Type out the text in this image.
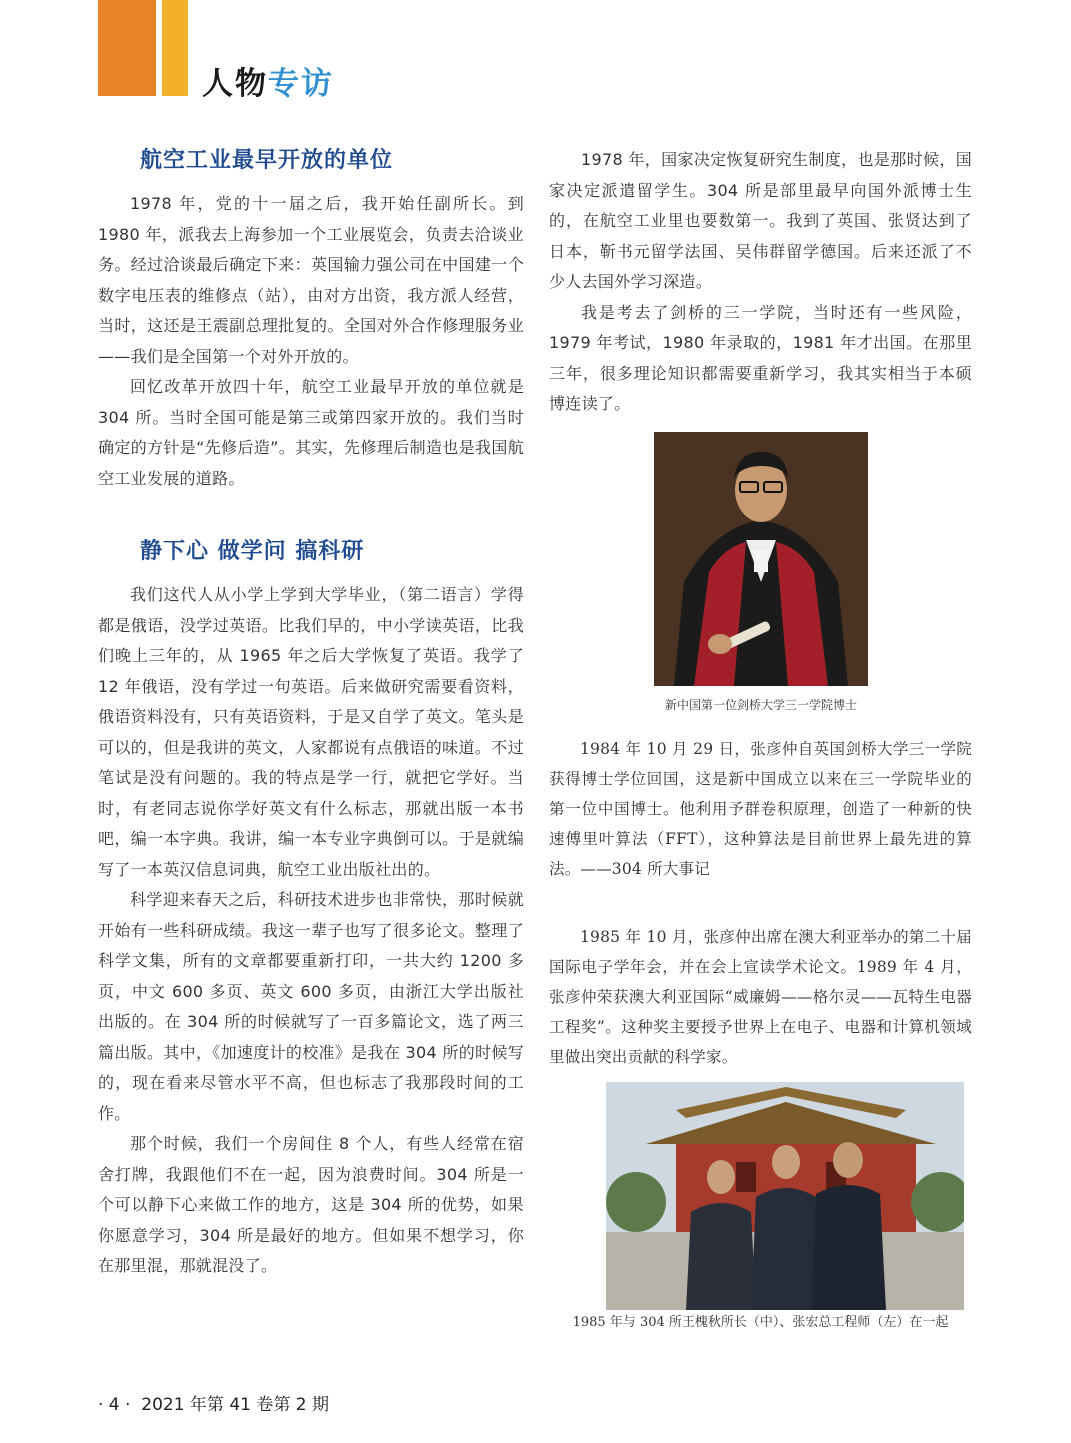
人物专访
航空工业最早开放的单位

1978 年，党的十一届之后，我开始任副所长。到 1980 年，派我去上海参加一个工业展览会，负责去洽谈业务。经过洽谈最后确定下来：英国输力强公司在中国建一个数字电压表的维修点（站），由对方出资，我方派人经营，当时，这还是王震副总理批复的。全国对外合作修理服务业——我们是全国第一个对外开放的。

回忆改革开放四十年，航空工业最早开放的单位就是 304 所。当时全国可能是第三或第四家开放的。我们当时确定的方针是“先修后造”。其实，先修理后制造也是我国航空工业发展的道路。

静下心 做学问 搞科研

我们这代人从小学上学到大学毕业，（第二语言）学得都是俄语，没学过英语。比我们早的，中小学读英语，比我们晚上三年的，从 1965 年之后大学恢复了英语。我学了 12 年俄语，没有学过一句英语。后来做研究需要看资料，俄语资料没有，只有英语资料，于是又自学了英文。笔头是可以的，但是我讲的英文，人家都说有点俄语的味道。不过笔试是没有问题的。我的特点是学一行，就把它学好。当时，有老同志说你学好英文有什么标志，那就出版一本书吧，编一本字典。我讲，编一本专业字典倒可以。于是就编写了一本英汉信息词典，航空工业出版社出的。

科学迎来春天之后，科研技术进步也非常快，那时候就开始有一些科研成绩。我这一辈子也写了很多论文。整理了科学文集，所有的文章都要重新打印，一共大约 1200 多页，中文 600 多页、英文 600 多页，由浙江大学出版社出版的。在 304 所的时候就写了一百多篇论文，选了两三篇出版。其中，《加速度计的校准》是我在 304 所的时候写的，现在看来尽管水平不高，但也标志了我那段时间的工作。

那个时候，我们一个房间住 8 个人，有些人经常在宿舍打牌，我跟他们不在一起，因为浪费时间。304 所是一个可以静下心来做工作的地方，这是 304 所的优势，如果你愿意学习，304 所是最好的地方。但如果不想学习，你在那里混，那就混没了。

1978 年，国家决定恢复研究生制度，也是那时候，国家决定派遣留学生。304 所是部里最早向国外派博士生的，在航空工业里也要数第一。我到了英国、张贤达到了日本，靳书元留学法国、吴伟群留学德国。后来还派了不少人去国外学习深造。

我是考去了剑桥的三一学院，当时还有一些风险，1979 年考试，1980 年录取的，1981 年才出国。在那里三年，很多理论知识都需要重新学习，我其实相当于本硕博连读了。

新中国第一位剑桥大学三一学院博士

1984 年 10 月 29 日，张彦仲自英国剑桥大学三一学院获得博士学位回国，这是新中国成立以来在三一学院毕业的第一位中国博士。他利用予群卷积原理，创造了一种新的快速傅里叶算法（FFT），这种算法是目前世界上最先进的算法。——304 所大事记

1985 年 10 月，张彦仲出席在澳大利亚举办的第二十届国际电子学年会，并在会上宣读学术论文。1989 年 4 月，张彦仲荣获澳大利亚国际“威廉姆——格尔灵——瓦特生电器工程奖”。这种奖主要授予世界上在电子、电器和计算机领域里做出突出贡献的科学家。

1985 年与 304 所王槐秋所长（中）、张宏总工程师（左）在一起
· 4 · 2021 年第 41 卷第 2 期
